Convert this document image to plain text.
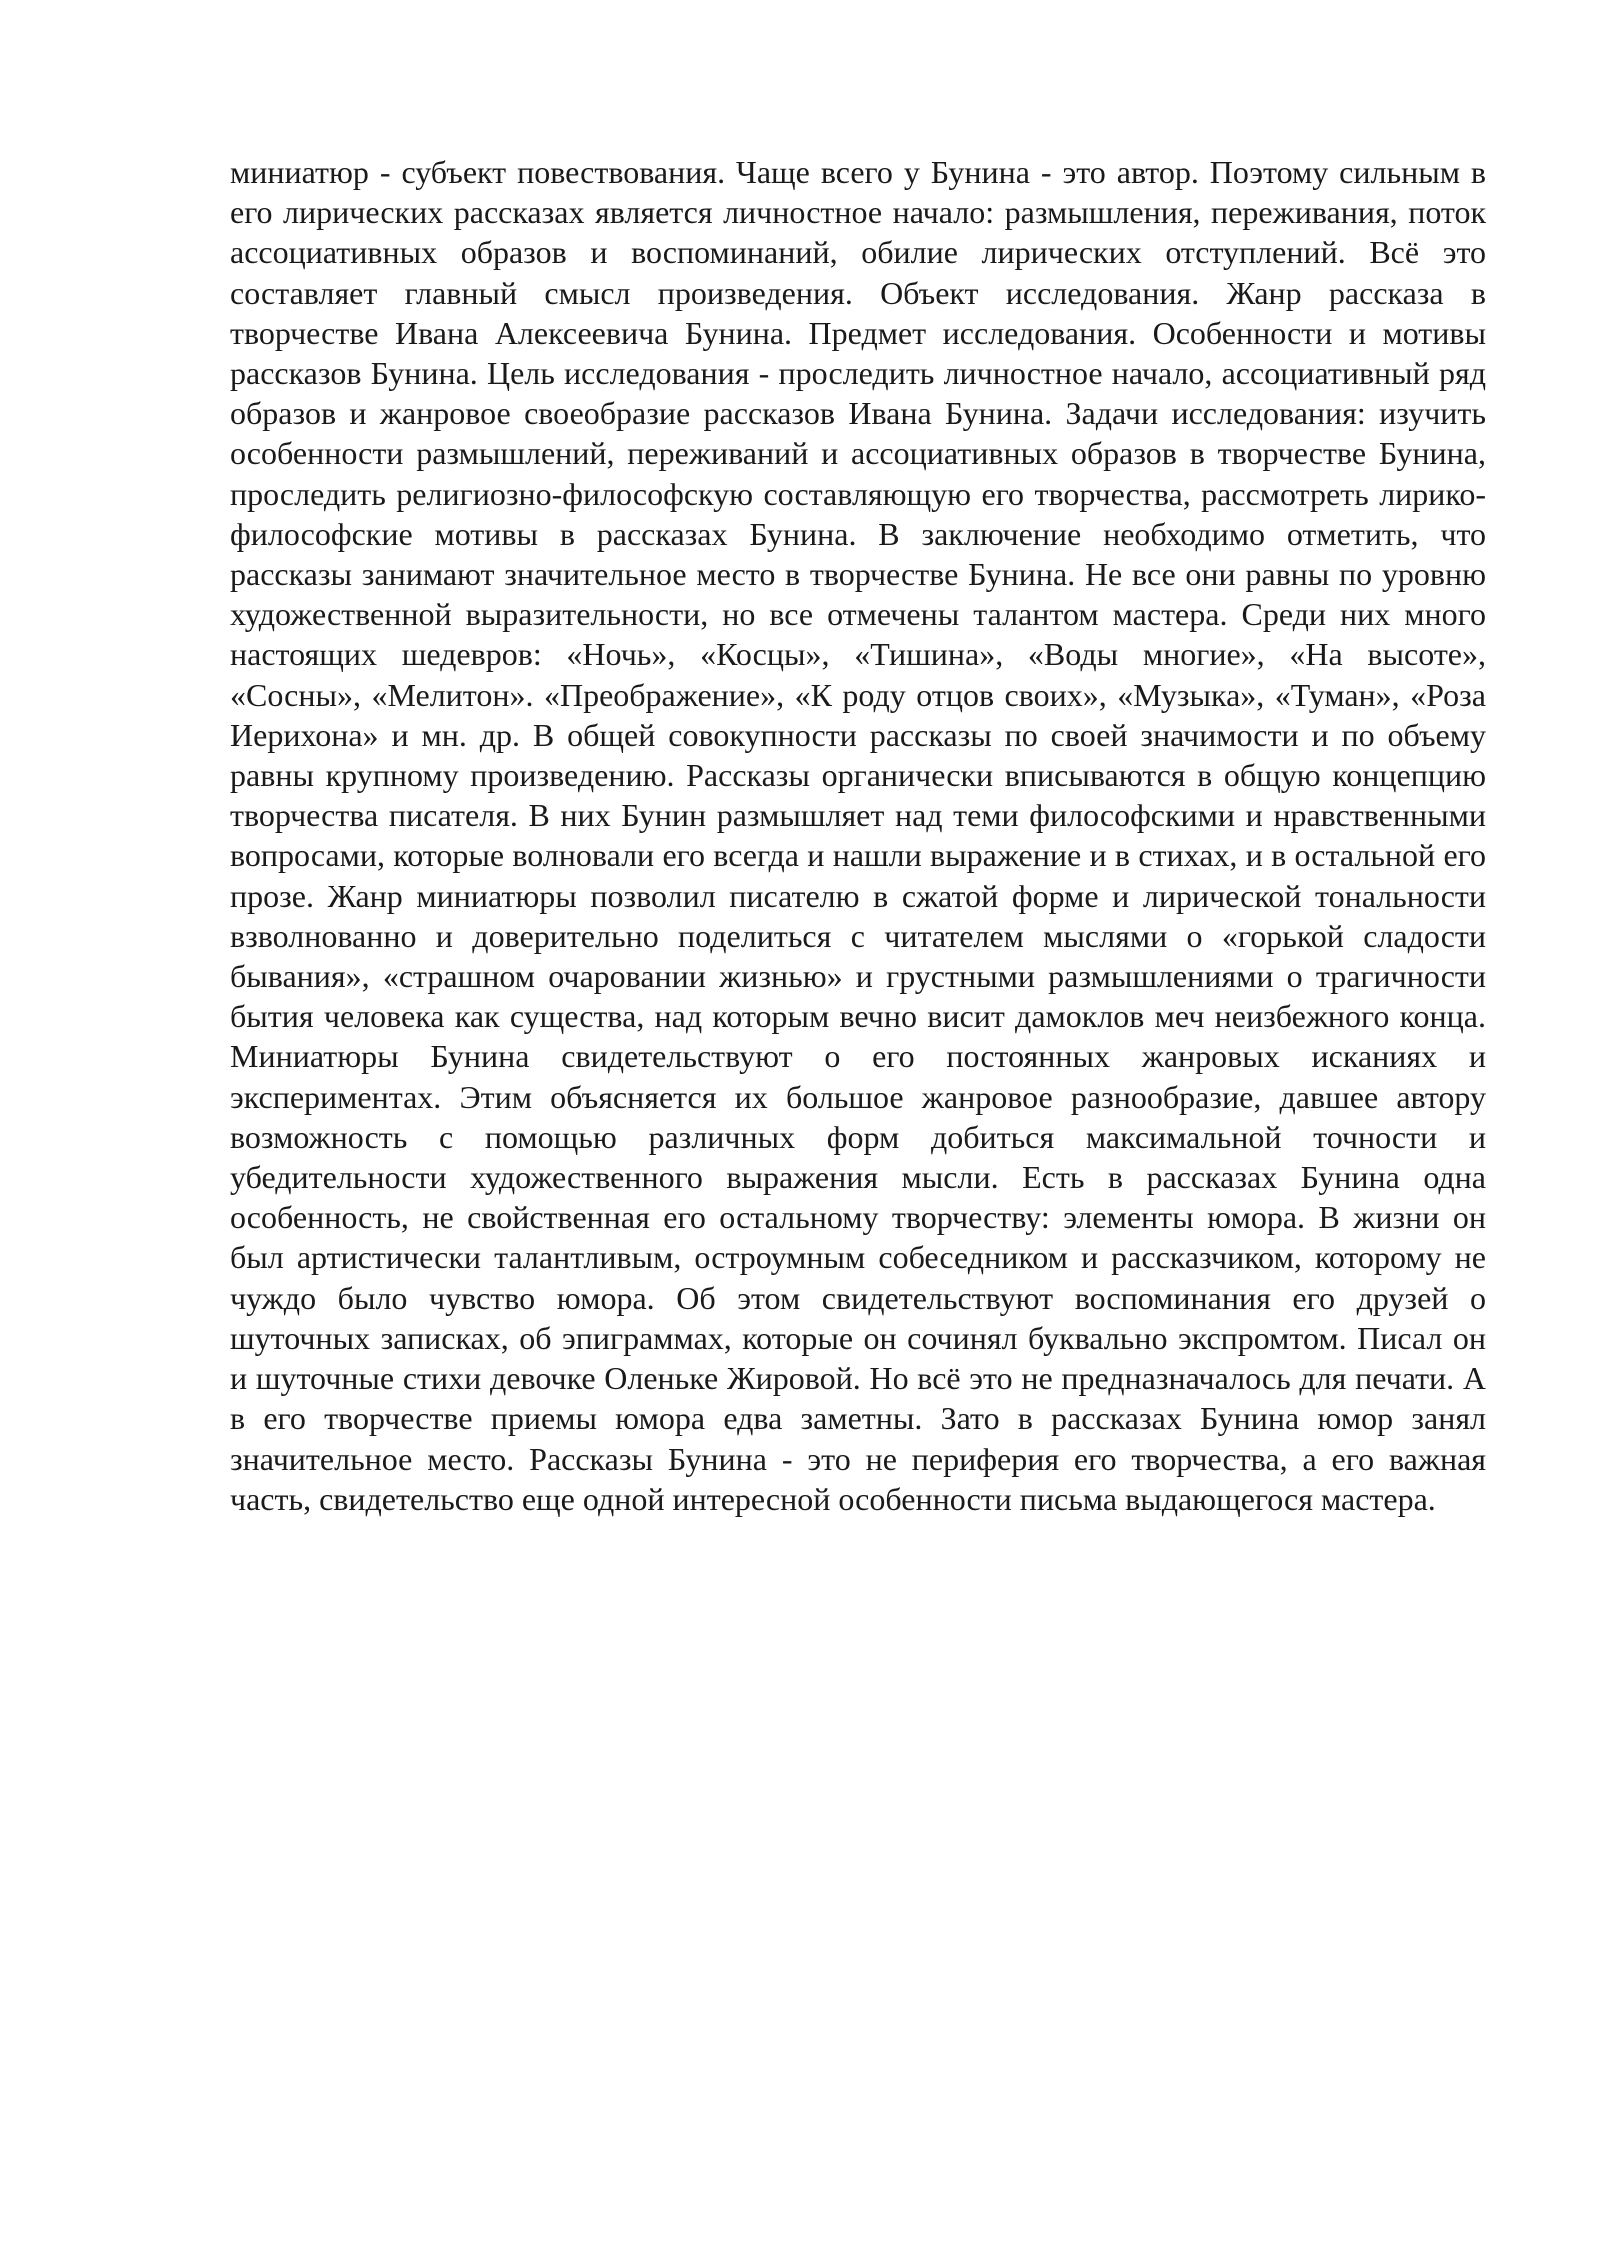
миниатюр - субъект повествования. Чаще всего у Бунина - это автор. Поэтому сильным в его лирических рассказах является личностное начало: размышления, переживания, поток ассоциативных образов и воспоминаний, обилие лирических отступлений. Всё это составляет главный смысл произведения. Объект исследования. Жанр рассказа в творчестве Ивана Алексеевича Бунина. Предмет исследования. Особенности и мотивы рассказов Бунина. Цель исследования - проследить личностное начало, ассоциативный ряд образов и жанровое своеобразие рассказов Ивана Бунина. Задачи исследования: изучить особенности размышлений, переживаний и ассоциативных образов в творчестве Бунина, проследить религиозно-философскую составляющую его творчества, рассмотреть лирико-философские мотивы в рассказах Бунина. В заключение необходимо отметить, что рассказы занимают значительное место в творчестве Бунина. Не все они равны по уровню художественной выразительности, но все отмечены талантом мастера. Среди них много настоящих шедевров: «Ночь», «Косцы», «Тишина», «Воды многие», «На высоте», «Сосны», «Мелитон». «Преображение», «К роду отцов своих», «Музыка», «Туман», «Роза Иерихона» и мн. др. В общей совокупности рассказы по своей значимости и по объему равны крупному произведению. Рассказы органически вписываются в общую концепцию творчества писателя. В них Бунин размышляет над теми философскими и нравственными вопросами, которые волновали его всегда и нашли выражение и в стихах, и в остальной его прозе. Жанр миниатюры позволил писателю в сжатой форме и лирической тональности взволнованно и доверительно поделиться с читателем мыслями о «горькой сладости бывания», «страшном очаровании жизнью» и грустными размышлениями о трагичности бытия человека как существа, над которым вечно висит дамоклов меч неизбежного конца. Миниатюры Бунина свидетельствуют о его постоянных жанровых исканиях и экспериментах. Этим объясняется их большое жанровое разнообразие, давшее автору возможность с помощью различных форм добиться максимальной точности и убедительности художественного выражения мысли. Есть в рассказах Бунина одна особенность, не свойственная его остальному творчеству: элементы юмора. В жизни он был артистически талантливым, остроумным собеседником и рассказчиком, которому не чуждо было чувство юмора. Об этом свидетельствуют воспоминания его друзей о шуточных записках, об эпиграммах, которые он сочинял буквально экспромтом. Писал он и шуточные стихи девочке Оленьке Жировой. Но всё это не предназначалось для печати. А в его творчестве приемы юмора едва заметны. Зато в рассказах Бунина юмор занял значительное место. Рассказы Бунина - это не периферия его творчества, а его важная часть, свидетельство еще одной интересной особенности письма выдающегося мастера.
